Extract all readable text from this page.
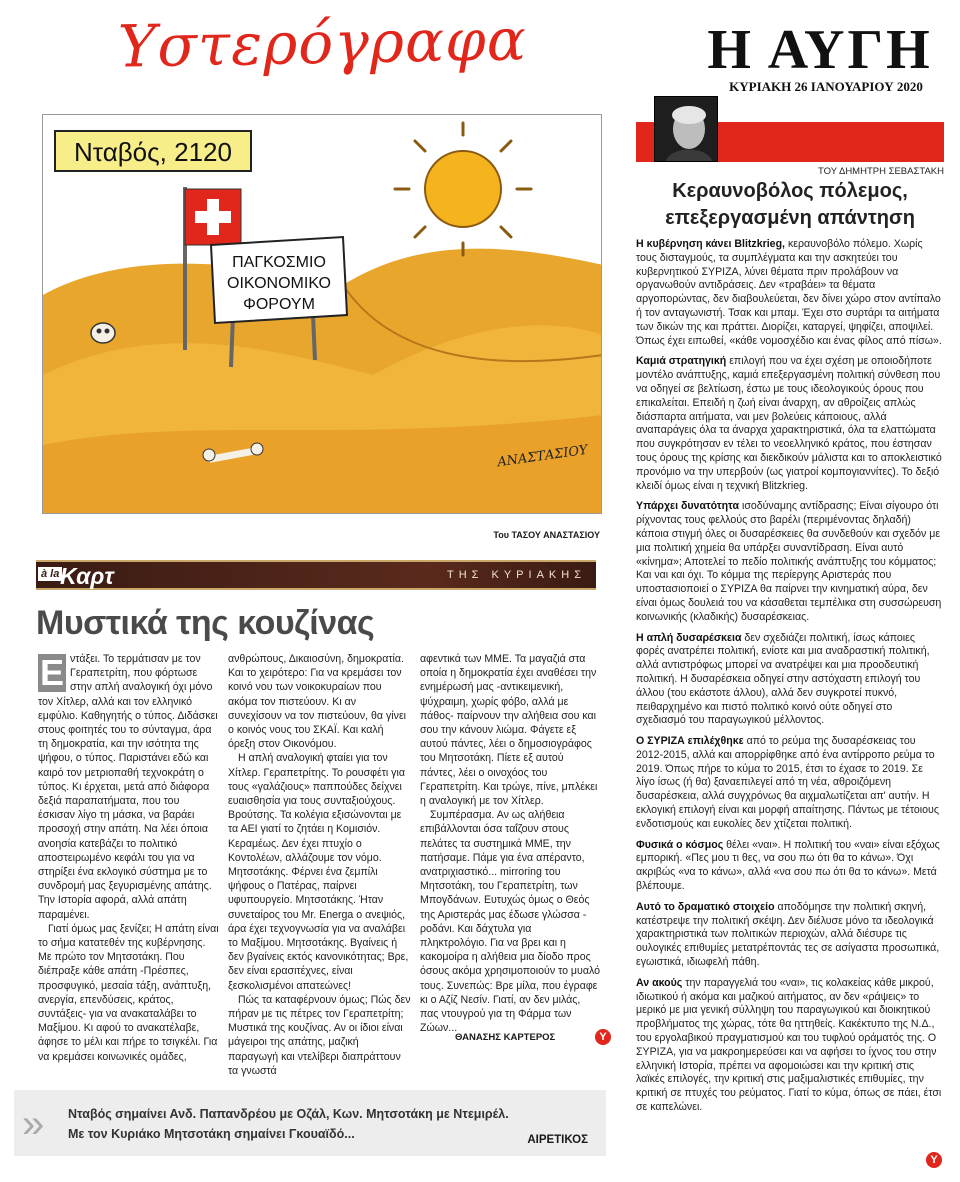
Υστερόγραφα	Η ΑΥΓΗ
ΚΥΡΙΑΚΗ 26 ΙΑΝΟΥΑΡΙΟΥ 2020
Νταβός, 2120
ΠΑΓΚΟΣΜΙΟ
ΟΙΚΟΝΟΜΙΚΟ
ΦΟΡΟΥΜ
ΑΝΑΣΤΑΣΙΟΥ
Του ΤΑΣΟΥ ΑΝΑΣΤΑΣΙΟΥ
à la Καρτ	ΤΗΣ ΚΥΡΙΑΚΗΣ
Μυστικά της κουζίνας
Ε ντάξει. Το τερμάτισαν με τον Γεραπετρίτη, που φόρτωσε στην απλή αναλογική όχι μόνο τον Χίτλερ, αλλά και τον ελληνικό εμφύλιο. Καθηγητής ο τύπος. Διδάσκει στους φοιτητές του το σύνταγμα, άρα τη δημοκρατία, και την ισότητα της ψήφου, ο τύπος. Παριστάνει εδώ και καιρό τον μετριοπαθή τεχνοκράτη ο τύπος. Κι έρχεται, μετά από διάφορα δεξιά παραπατήματα, που του έσκισαν λίγο τη μάσκα, να βαράει προσοχή στην απάτη. Να λέει όποια ανοησία κατεβάζει το πολιτικό αποστειρωμένο κεφάλι του για να στηρίξει ένα εκλογικό σύστημα με το συνδρομή μας ξεγυρισμένης απάτης. Την Ιστορία αφορά, αλλά απάτη παραμένει.

Γιατί όμως μας ξενίζει; Η απάτη είναι το σήμα κατατεθέν της κυβέρνησης. Με πρώτο τον Μητσοτάκη. Που διέπραξε κάθε απάτη -Πρέσπες, προσφυγικό, μεσαία τάξη, ανάπτυξη, ανεργία, επενδύσεις, κράτος, συντάξεις- για να ανακαταλάβει το Μαξίμου. Κι αφού το ανακατέλαβε, άφησε το μέλι και πήρε το τσιγκέλι. Για να κρεμάσει κοινωνικές ομάδες,

ανθρώπους, Δικαιοσύνη, δημοκρατία. Και το χειρότερο: Για να κρεμάσει τον κοινό νου των νοικοκυραίων που ακόμα τον πιστεύουν. Κι αν συνεχίσουν να τον πιστεύουν, θα γίνει ο κοινός νους του ΣΚΑΪ. Και καλή όρεξη στον Οικονόμου.

Η απλή αναλογική φταίει για τον Χίτλερ. Γεραπετρίτης. Το ρουσφέτι για τους «γαλάζιους» παππούδες δείχνει ευαισθησία για τους συνταξιούχους. Βρούτσης. Τα κολέγια εξισώνονται με τα ΑΕΙ γιατί το ζητάει η Κομισιόν. Κεραμέως. Δεν έχει πτυχίο ο Κοντολέων, αλλάζουμε τον νόμο. Μητσοτάκης. Φέρνει ένα ζεμπίλι ψήφους ο Πατέρας, παίρνει υφυπουργείο. Μητσοτάκης. Ήταν συνεταίρος του Mr. Energa ο ανεψιός, άρα έχει τεχνογνωσία για να αναλάβει το Μαξίμου. Μητσοτάκης. Βγαίνεις ή δεν βγαίνεις εκτός κανονικότητας; Βρε, δεν είναι ερασιτέχνες, είναι ξεσκολισμένοι απατεώνες!

Πώς τα καταφέρνουν όμως; Πώς δεν πήραν με τις πέτρες τον Γεραπετρίτη; Μυστικά της κουζίνας. Αν οι ίδιοι είναι μάγειροι της απάτης, μαζική παραγωγή και ντελίβερι διαπράττουν τα γνωστά

αφεντικά των ΜΜΕ. Τα μαγαζιά στα οποία η δημοκρατία έχει αναθέσει την ενημέρωσή μας -αντικειμενική, ψύχραιμη, χωρίς φόβο, αλλά με πάθος- παίρνουν την αλήθεια σου και σου την κάνουν λιώμα. Φάγετε εξ αυτού πάντες, λέει ο δημοσιογράφος του Μητσοτάκη. Πίετε εξ αυτού πάντες, λέει ο οινοχόος του Γεραπετρίτη. Και τρώγε, πίνε, μπλέκει η αναλογική με τον Χίτλερ.

Συμπέρασμα. Αν ως αλήθεια επιβάλλονται όσα ταΐζουν στους πελάτες τα συστημικά ΜΜΕ, την πατήσαμε. Πάμε για ένα απέραντο, ανατριχιαστικό... mirroring του Μητσοτάκη, του Γεραπετρίτη, των Μπογδάνων. Ευτυχώς όμως ο Θεός της Αριστεράς μας έδωσε γλώσσα - ροδάνι. Και δάχτυλα για πληκτρολόγιο. Για να βρει και η κακομοίρα η αλήθεια μια δίοδο προς όσους ακόμα χρησιμοποιούν το μυαλό τους. Συνεπώς: Βρε μίλα, που έγραφε κι ο Αζίζ Νεσίν. Γιατί, αν δεν μιλάς, πας ντουγρού για τη Φάρμα των Ζώων...

ΘΑΝΑΣΗΣ ΚΑΡΤΕΡΟΣ	Y
»	Νταβός σημαίνει Ανδ. Παπανδρέου με Οζάλ, Κων. Μητσοτάκη με Ντεμιρέλ.
Με τον Κυριάκο Μητσοτάκη σημαίνει Γκουαϊδό...	ΑΙΡΕΤΙΚΟΣ
ΤΟΥ ΔΗΜΗΤΡΗ ΣΕΒΑΣΤΑΚΗ
Κεραυνοβόλος πόλεμος, επεξεργασμένη απάντηση

Η κυβέρνηση κάνει Blitzkrieg, κεραυνοβόλο πόλεμο. Χωρίς τους δισταγμούς, τα συμπλέγματα και την ασκητεύει του κυβερνητικού ΣΥΡΙΖΑ, λύνει θέματα πριν προλάβουν να οργανωθούν αντιδράσεις. Δεν «τραβάει» τα θέματα αργοπορώντας, δεν διαβουλεύεται, δεν δίνει χώρο στον αντίπαλο ή τον ανταγωνιστή. Τσακ και μπαμ. Έχει στο συρτάρι τα αιτήματα των δικών της και πράττει. Διορίζει, καταργεί, ψηφίζει, αποψιλεί. Όπως έχει ειπωθεί, «κάθε νομοσχέδιο και ένας φίλος από πίσω».

Καμιά στρατηγική επιλογή που να έχει σχέση με οποιοδήποτε μοντέλο ανάπτυξης, καμιά επεξεργασμένη πολιτική σύνθεση που να οδηγεί σε βελτίωση, έστω με τους ιδεολογικούς όρους που επικαλείται. Επειδή η ζωή είναι άναρχη, αν αθροίζεις απλώς διάσπαρτα αιτήματα, ναι μεν βολεύεις κάποιους, αλλά αναπαράγεις όλα τα άναρχα χαρακτηριστικά, όλα τα ελαττώματα που συγκρότησαν εν τέλει το νεοελληνικό κράτος, που έστησαν τους όρους της κρίσης και διεκδικούν μάλιστα και το αποκλειστικό προνόμιο να την υπερβούν (ως γιατροί κομπογιαννίτες). Το δεξιό κλειδί όμως είναι η τεχνική Blitzkrieg.

Υπάρχει δυνατότητα ισοδύναμης αντίδρασης; Είναι σίγουρο ότι ρίχνοντας τους φελλούς στο βαρέλι (περιμένοντας δηλαδή) κάποια στιγμή όλες οι δυσαρέσκειες θα συνδεθούν και σχεδόν με μια πολιτική χημεία θα υπάρξει συναντίδραση. Είναι αυτό «κίνημα»; Αποτελεί το πεδίο πολιτικής ανάπτυξης του κόμματος; Και ναι και όχι. Το κόμμα της περίεργης Αριστεράς που υποστασιοποιεί ο ΣΥΡΙΖΑ θα παίρνει την κινηματική αύρα, δεν είναι όμως δουλειά του να κάσαθεται τεμπέλικα στη συσσώρευση κοινωνικής (κλαδικής) δυσαρέσκειας.

Η απλή δυσαρέσκεια δεν σχεδιάζει πολιτική, ίσως κάποιες φορές ανατρέπει πολιτική, ενίοτε και μια αναδραστική πολιτική, αλλά αντιστρόφως μπορεί να ανατρέψει και μια προοδευτική πολιτική. Η δυσαρέσκεια οδηγεί στην αστόχαστη επιλογή του άλλου (του εκάστοτε άλλου), αλλά δεν συγκροτεί πυκνό, πειθαρχημένο και πιστό πολιτικό κοινό ούτε οδηγεί στο σχεδιασμό του παραγωγικού μέλλοντος.

Ο ΣΥΡΙΖΑ επιλέχθηκε από το ρεύμα της δυσαρέσκειας του 2012-2015, αλλά και απορρίφθηκε από ένα αντίρροπο ρεύμα το 2019. Όπως πήρε το κύμα το 2015, έτσι το έχασε το 2019. Σε λίγο ίσως (ή θα) ξαναεπιλεγεί από τη νέα, αθροιζόμενη δυσαρέσκεια, αλλά συγχρόνως θα αιχμαλωτίζεται απ' αυτήν. Η εκλογική επιλογή είναι και μορφή απαίτησης. Πάντως με τέτοιους ενδοτισμούς και ευκολίες δεν χτίζεται πολιτική.

Φυσικά ο κόσμος θέλει «ναι». Η πολιτική του «ναι» είναι εξόχως εμπορική. «Πες μου τι θες, να σου πω ότι θα το κάνω». Όχι ακριβώς «να το κάνω», αλλά «να σου πω ότι θα το κάνω». Μετά βλέπουμε.

Αυτό το δραματικό στοιχείο αποδόμησε την πολιτική σκηνή, κατέστρεψε την πολιτική σκέψη. Δεν διέλυσε μόνο τα ιδεολογικά χαρακτηριστικά των πολιτικών περιοχών, αλλά διέσυρε τις ουλογικές επιθυμίες μετατρέποντάς τες σε ασίγαστα προσωπικά, εγωιστικά, ιδιωφελή πάθη.

Αν ακούς την παραγγελιά του «ναι», τις κολακείας κάθε μικρού, ιδιωτικού ή ακόμα και μαζικού αιτήματος, αν δεν «ράψεις» το μερικό με μια γενική σύλληψη του παραγωγικού και διοικητικού προβλήματος της χώρας, τότε θα ηττηθείς. Κακέκτυπο της Ν.Δ., του εργολαβικού πραγματισμού και του τυφλού οράματός της. Ο ΣΥΡΙΖΑ, για να μακροημερεύσει και να αφήσει το ίχνος του στην ελληνική Ιστορία, πρέπει να αφομοιώσει και την κριτική στις λαϊκές επιλογές, την κριτική στις μαξιμαλιστικές επιθυμίες, την κριτική σε πτυχές του ρεύματος. Γιατί το κύμα, όπως σε πάει, έτσι σε καπελώνει.

Y
